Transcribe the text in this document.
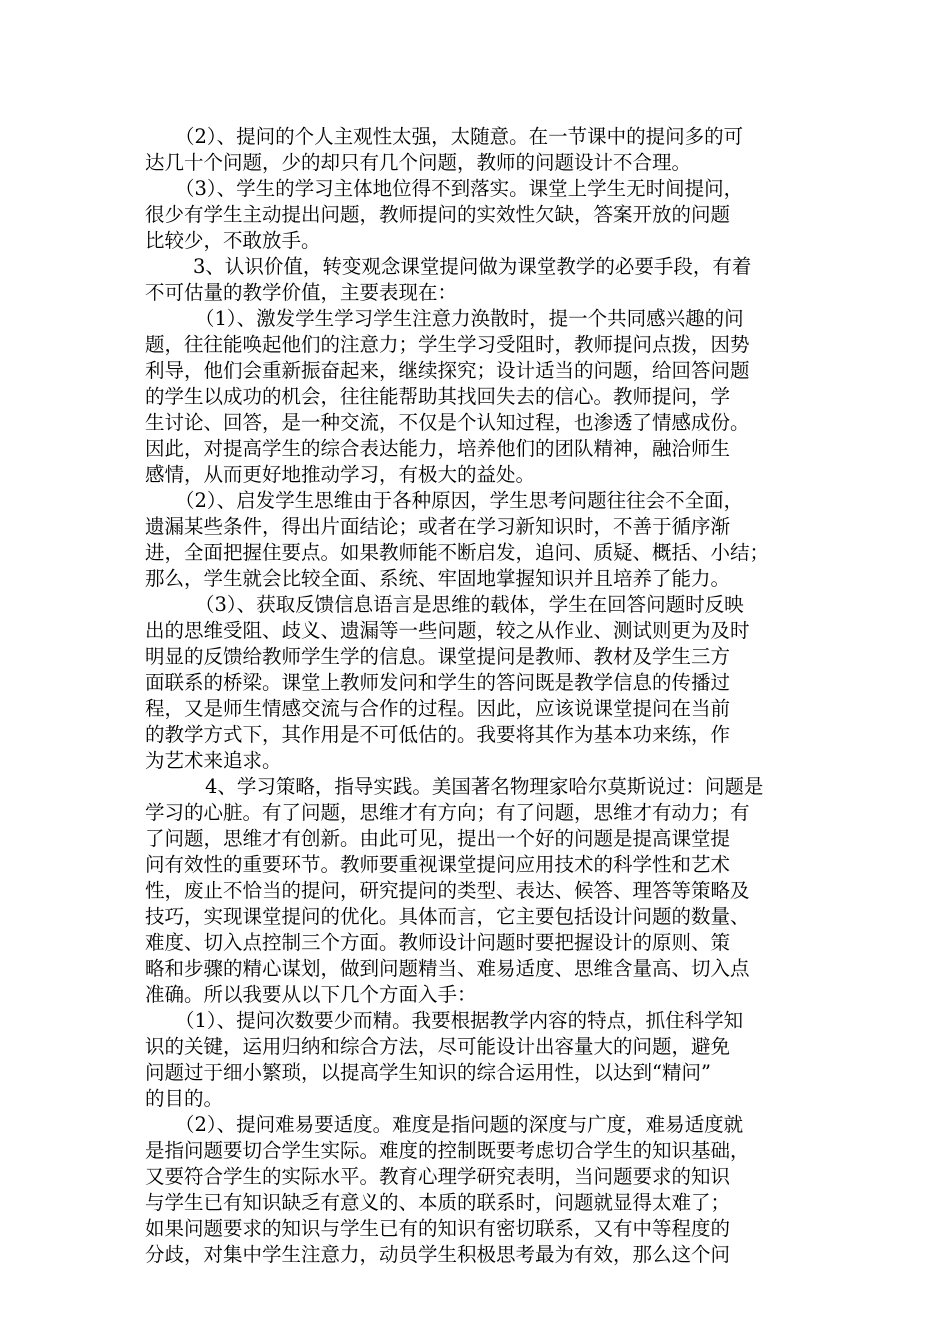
（2）、提问的个人主观性太强，太随意。在一节课中的提问多的可
达几十个问题，少的却只有几个问题，教师的问题设计不合理。
（3）、学生的学习主体地位得不到落实。课堂上学生无时间提问，
很少有学生主动提出问题，教师提问的实效性欠缺，答案开放的问题
比较少，不敢放手。
3、认识价值，转变观念课堂提问做为课堂教学的必要手段，有着
不可估量的教学价值，主要表现在：
（1）、激发学生学习学生注意力涣散时，提一个共同感兴趣的问
题，往往能唤起他们的注意力；学生学习受阻时，教师提问点拨，因势
利导，他们会重新振奋起来，继续探究；设计适当的问题，给回答问题
的学生以成功的机会，往往能帮助其找回失去的信心。教师提问，学
生讨论、回答，是一种交流，不仅是个认知过程，也渗透了情感成份。
因此，对提高学生的综合表达能力，培养他们的团队精神，融洽师生
感情，从而更好地推动学习，有极大的益处。
（2）、启发学生思维由于各种原因，学生思考问题往往会不全面，
遗漏某些条件，得出片面结论；或者在学习新知识时，不善于循序渐
进，全面把握住要点。如果教师能不断启发，追问、质疑、概括、小结；
那么，学生就会比较全面、系统、牢固地掌握知识并且培养了能力。
（3）、获取反馈信息语言是思维的载体，学生在回答问题时反映
出的思维受阻、歧义、遗漏等一些问题，较之从作业、测试则更为及时
明显的反馈给教师学生学的信息。课堂提问是教师、教材及学生三方
面联系的桥梁。课堂上教师发问和学生的答问既是教学信息的传播过
程，又是师生情感交流与合作的过程。因此，应该说课堂提问在当前
的教学方式下，其作用是不可低估的。我要将其作为基本功来练，作
为艺术来追求。
4、学习策略，指导实践。美国著名物理家哈尔莫斯说过：问题是
学习的心脏。有了问题，思维才有方向；有了问题，思维才有动力；有
了问题，思维才有创新。由此可见，提出一个好的问题是提高课堂提
问有效性的重要环节。教师要重视课堂提问应用技术的科学性和艺术
性，废止不恰当的提问，研究提问的类型、表达、候答、理答等策略及
技巧，实现课堂提问的优化。具体而言，它主要包括设计问题的数量、
难度、切入点控制三个方面。教师设计问题时要把握设计的原则、策
略和步骤的精心谋划，做到问题精当、难易适度、思维含量高、切入点
准确。所以我要从以下几个方面入手：
（1）、提问次数要少而精。我要根据教学内容的特点，抓住科学知
识的关键，运用归纳和综合方法，尽可能设计出容量大的问题，避免
问题过于细小繁琐，以提高学生知识的综合运用性，以达到“精问”
的目的。
（2）、提问难易要适度。难度是指问题的深度与广度，难易适度就
是指问题要切合学生实际。难度的控制既要考虑切合学生的知识基础，
又要符合学生的实际水平。教育心理学研究表明，当问题要求的知识
与学生已有知识缺乏有意义的、本质的联系时，问题就显得太难了；
如果问题要求的知识与学生已有的知识有密切联系，又有中等程度的
分歧，对集中学生注意力，动员学生积极思考最为有效，那么这个问
